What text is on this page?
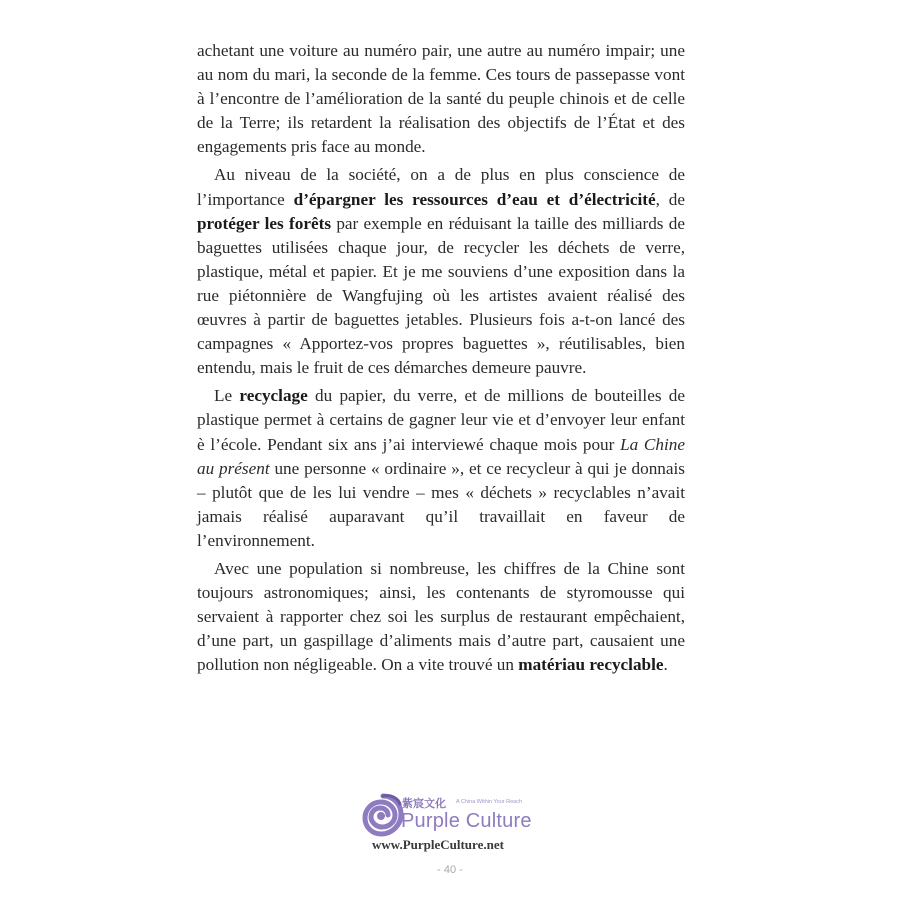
achetant une voiture au numéro pair, une autre au numéro impair; une au nom du mari, la seconde de la femme. Ces tours de passepasse vont à l’encontre de l’amélioration de la santé du peuple chinois et de celle de la Terre; ils retardent la réalisation des objectifs de l’État et des engagements pris face au monde.

Au niveau de la société, on a de plus en plus conscience de l’importance d’épargner les ressources d’eau et d’électricité, de protéger les forêts par exemple en réduisant la taille des milliards de baguettes utilisées chaque jour, de recycler les déchets de verre, plastique, métal et papier. Et je me souviens d’une exposition dans la rue piétonnière de Wangfujing où les artistes avaient réalisé des œuvres à partir de baguettes jetables. Plusieurs fois a-t-on lancé des campagnes « Apportez-vos propres baguettes », réutilisables, bien entendu, mais le fruit de ces démarches demeure pauvre.

Le recyclage du papier, du verre, et de millions de bouteilles de plastique permet à certains de gagner leur vie et d’envoyer leur enfant è l’école. Pendant six ans j’ai interviewé chaque mois pour La Chine au présent une personne « ordinaire », et ce recycleur à qui je donnais – plutôt que de les lui vendre – mes « déchets » recyclables n’avait jamais réalisé auparavant qu’il travaillait en faveur de l’environnement.

Avec une population si nombreuse, les chiffres de la Chine sont toujours astronomiques; ainsi, les contenants de styromousse qui servaient à rapporter chez soi les surplus de restaurant empêchaient, d’une part, un gaspillage d’aliments mais d’autre part, causaient une pollution non négligeable. On a vite trouvé un matériau recyclable.

紫宸文化 A China Within Your Reach
Purple Culture
www.PurpleCulture.net
- 40 -
